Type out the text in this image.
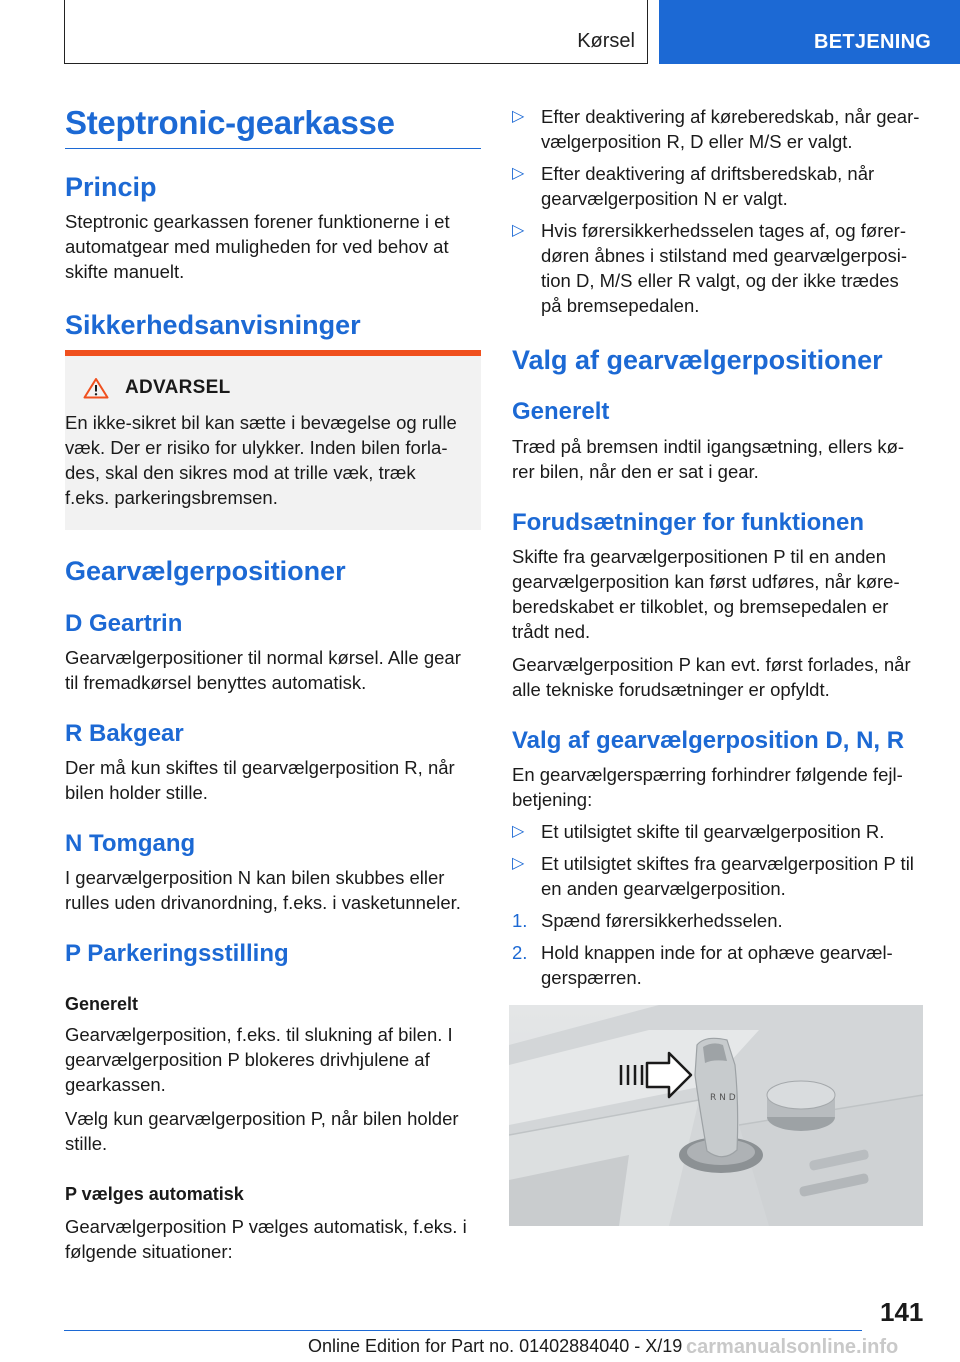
Kørsel	BETJENING
Steptronic-gearkasse
Princip
Steptronic gearkassen forener funktionerne i et
automatgear med muligheden for ved behov at
skifte manuelt.
Sikkerhedsanvisninger
ADVARSEL
En ikke-sikret bil kan sætte i bevægelse og rulle
væk. Der er risiko for ulykker. Inden bilen forla-
des, skal den sikres mod at trille væk, træk
f.eks. parkeringsbremsen.
Gearvælgerpositioner
D Geartrin
Gearvælgerpositioner til normal kørsel. Alle gear
til fremadkørsel benyttes automatisk.
R Bakgear
Der må kun skiftes til gearvælgerposition R, når
bilen holder stille.
N Tomgang
I gearvælgerposition N kan bilen skubbes eller
rulles uden drivanordning, f.eks. i vasketunneler.
P Parkeringsstilling
Generelt
Gearvælgerposition, f.eks. til slukning af bilen. I
gearvælgerposition P blokeres drivhjulene af
gearkassen.
Vælg kun gearvælgerposition P, når bilen holder
stille.
P vælges automatisk
Gearvælgerposition P vælges automatisk, f.eks. i
følgende situationer:
▷ Efter deaktivering af køreberedskab, når gear-
vælgerposition R, D eller M/S er valgt.
▷ Efter deaktivering af driftsberedskab, når
gearvælgerposition N er valgt.
▷ Hvis førersikkerhedsselen tages af, og fører-
døren åbnes i stilstand med gearvælgerposi-
tion D, M/S eller R valgt, og der ikke trædes
på bremsepedalen.
Valg af gearvælgerpositioner
Generelt
Træd på bremsen indtil igangsætning, ellers kø-
rer bilen, når den er sat i gear.
Forudsætninger for funktionen
Skifte fra gearvælgerpositionen P til en anden
gearvælgerposition kan først udføres, når køre-
beredskabet er tilkoblet, og bremsepedalen er
trådt ned.
Gearvælgerposition P kan evt. først forlades, når
alle tekniske forudsætninger er opfyldt.
Valg af gearvælgerposition D, N, R
En gearvælgerspærring forhindrer følgende fejl-
betjening:
▷ Et utilsigtet skifte til gearvælgerposition R.
▷ Et utilsigtet skiftes fra gearvælgerposition P til
en anden gearvælgerposition.
1. Spænd førersikkerhedsselen.
2. Hold knappen inde for at ophæve gearvæl-
gerspærren.
R N D
141
Online Edition for Part no. 01402884040 - X/19 carmanualsonline.info
